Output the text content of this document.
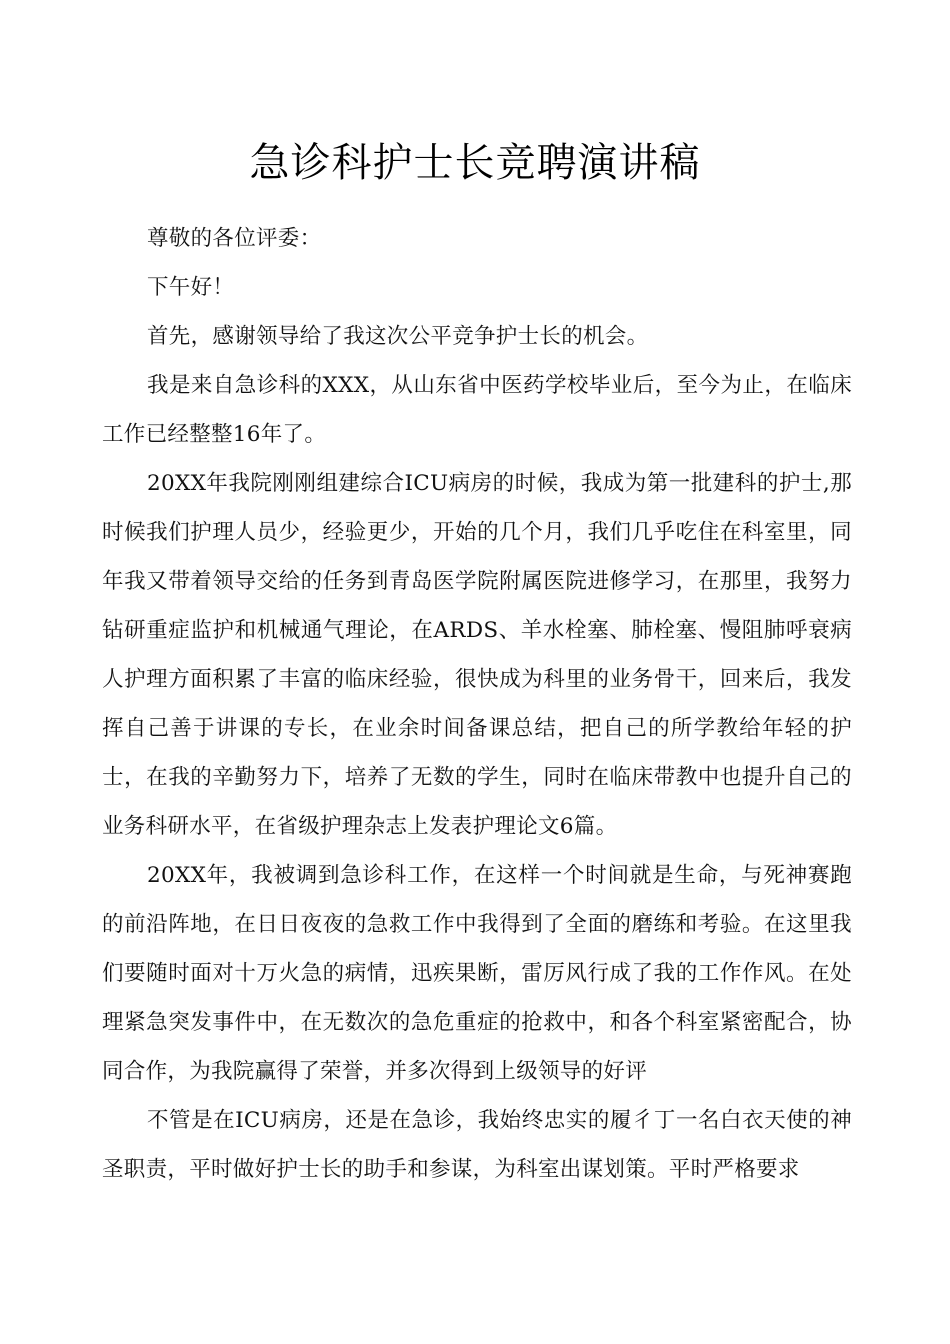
急诊科护士长竞聘演讲稿

尊敬的各位评委：

下午好！

首先，感谢领导给了我这次公平竞争护士长的机会。

我是来自急诊科的XXX，从山东省中医药学校毕业后，至今为止，在临床工作已经整整16年了。

20XX年我院刚刚组建综合ICU病房的时候，我成为第一批建科的护士,那时候我们护理人员少，经验更少，开始的几个月，我们几乎吃住在科室里，同年我又带着领导交给的任务到青岛医学院附属医院进修学习，在那里，我努力钻研重症监护和机械通气理论，在ARDS、羊水栓塞、肺栓塞、慢阻肺呼衰病人护理方面积累了丰富的临床经验，很快成为科里的业务骨干，回来后，我发挥自己善于讲课的专长，在业余时间备课总结，把自己的所学教给年轻的护士，在我的辛勤努力下，培养了无数的学生，同时在临床带教中也提升自己的业务科研水平，在省级护理杂志上发表护理论文6篇。

20XX年，我被调到急诊科工作，在这样一个时间就是生命，与死神赛跑的前沿阵地，在日日夜夜的急救工作中我得到了全面的磨练和考验。在这里我们要随时面对十万火急的病情，迅疾果断，雷厉风行成了我的工作作风。在处理紧急突发事件中，在无数次的急危重症的抢救中，和各个科室紧密配合，协同合作，为我院赢得了荣誉，并多次得到上级领导的好评

不管是在ICU病房，还是在急诊，我始终忠实的履彳丁一名白衣天使的神圣职责，平时做好护士长的助手和参谋，为科室出谋划策。平时严格要求
